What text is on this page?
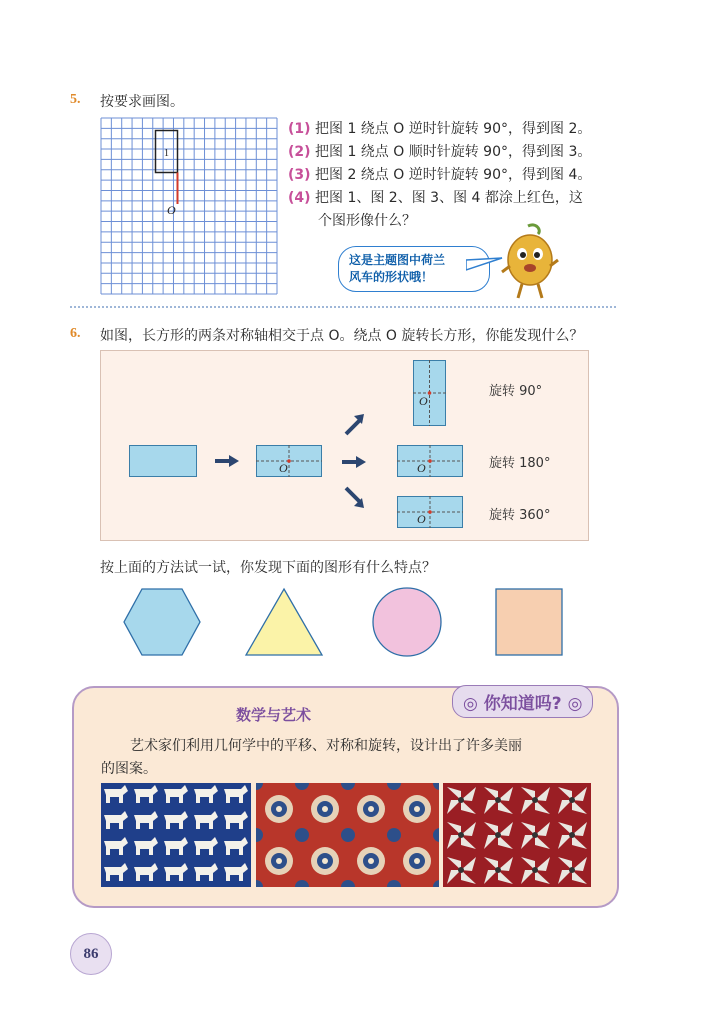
5. 按要求画图。
1
O
(1) 把图 1 绕点 O 逆时针旋转 90°，得到图 2。
(2) 把图 1 绕点 O 顺时针旋转 90°，得到图 3。
(3) 把图 2 绕点 O 逆时针旋转 90°，得到图 4。
(4) 把图 1、图 2、图 3、图 4 都涂上红色，这
个图形像什么？
这是主题图中荷兰
风车的形状哦！
6. 如图，长方形的两条对称轴相交于点 O。绕点 O 旋转长方形，你能发现什么？
O
O
O
O
旋转 90°
旋转 180°
旋转 360°
按上面的方法试一试，你发现下面的图形有什么特点？
◎ 你知道吗? ◎
数学与艺术
艺术家们利用几何学中的平移、对称和旋转，设计出了许多美丽
的图案。
86
